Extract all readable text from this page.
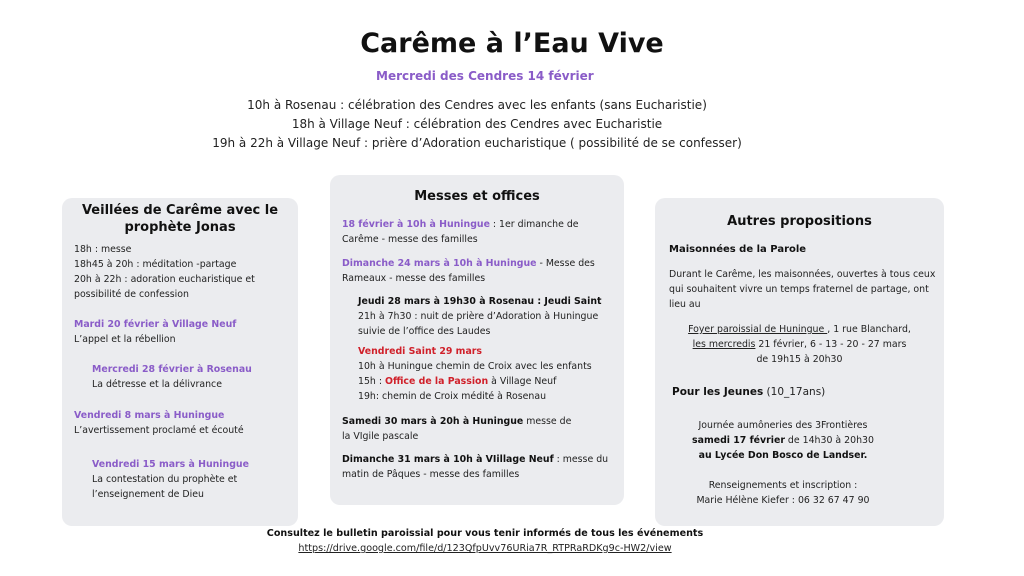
Carême à l’Eau Vive
Mercredi des Cendres 14 février
10h à Rosenau : célébration des Cendres avec les enfants (sans Eucharistie)
18h à Village Neuf : célébration des Cendres avec Eucharistie
19h à 22h à Village Neuf : prière d’Adoration eucharistique ( possibilité de se confesser)
Veillées de Carême avec le
prophète Jonas
18h : messe
18h45 à 20h : méditation -partage
20h à 22h : adoration eucharistique et
possibilité de confession
Mardi 20 février à Village Neuf
L’appel et la rébellion
Mercredi 28 février à Rosenau
La détresse et la délivrance
Vendredi 8 mars à Huningue
L’avertissement proclamé et écouté
Vendredi 15 mars à Huningue
La contestation du prophète et
l’enseignement de Dieu
Messes et offices
18 février à 10h à Huningue : 1er dimanche de
Carême - messe des familles
Dimanche 24 mars à 10h à Huningue - Messe des
Rameaux - messe des familles
Jeudi 28 mars à 19h30 à Rosenau : Jeudi Saint
21h à 7h30 : nuit de prière d’Adoration à Huningue
suivie de l’office des Laudes
Vendredi Saint 29 mars
10h à Huningue chemin de Croix avec les enfants
15h : Office de la Passion à Village Neuf
19h: chemin de Croix médité à Rosenau
Samedi 30 mars à 20h à Huningue messe de
la VIgile pascale
Dimanche 31 mars à 10h à VIillage Neuf : messe du
matin de Pâques - messe des familles
Autres propositions
Maisonnées de la Parole
Durant le Carême, les maisonnées, ouvertes à tous ceux
qui souhaitent vivre un temps fraternel de partage, ont
lieu au
Foyer paroissial de Huningue , 1 rue Blanchard,
les mercredis 21 février, 6 - 13 - 20 - 27 mars
de 19h15 à 20h30
Pour les Jeunes (10_17ans)
Journée aumôneries des 3Frontières
samedi 17 février de 14h30 à 20h30
au Lycée Don Bosco de Landser.
Renseignements et inscription :
Marie Hélène Kiefer : 06 32 67 47 90
Consultez le bulletin paroissial pour vous tenir informés de tous les événements
https://drive.google.com/file/d/123QfpUvv76URia7R_RTPRaRDKg9c-HW2/view
